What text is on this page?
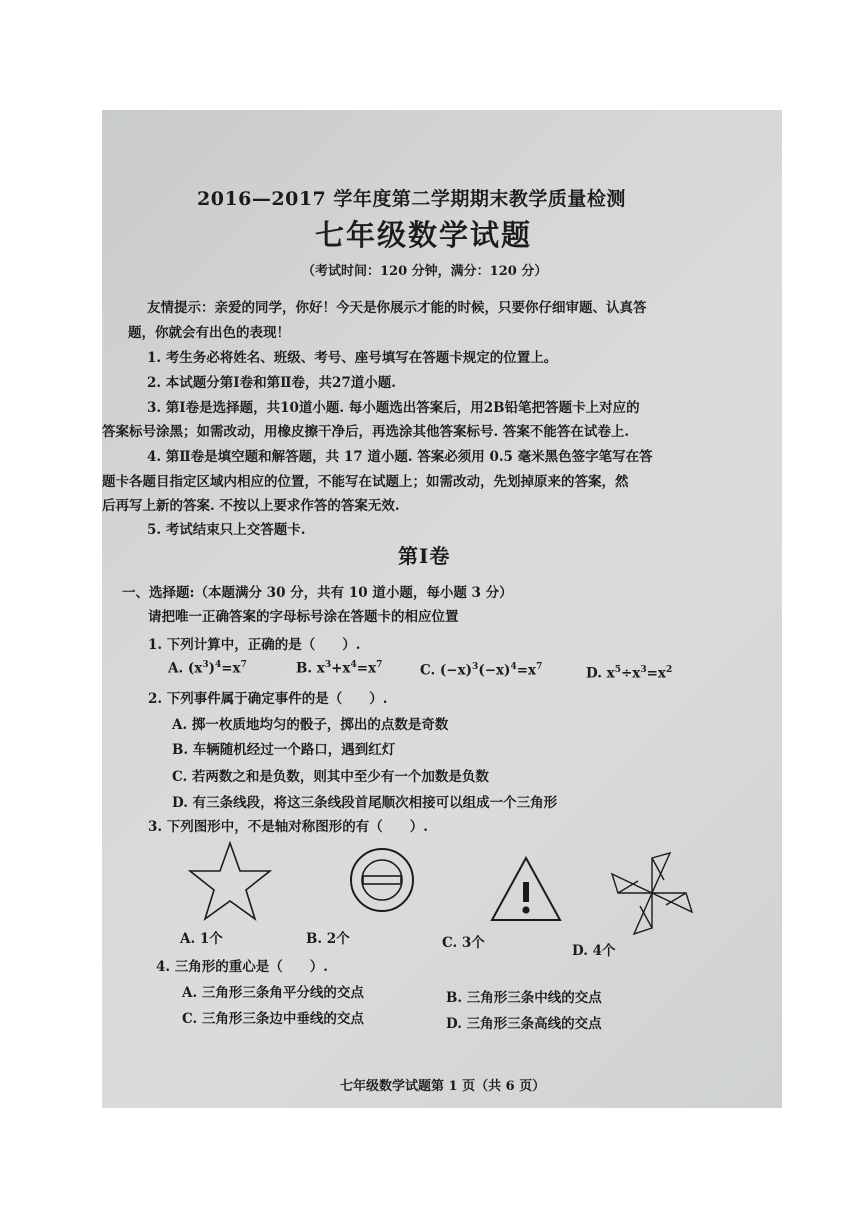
2016—2017 学年度第二学期期末教学质量检测
七年级数学试题
（考试时间：120 分钟，满分：120 分）
友情提示：亲爱的同学，你好！今天是你展示才能的时候，只要你仔细审题、认真答
题，你就会有出色的表现！
1. 考生务必将姓名、班级、考号、座号填写在答题卡规定的位置上。
2. 本试题分第Ⅰ卷和第Ⅱ卷，共27道小题.
3. 第Ⅰ卷是选择题，共10道小题. 每小题选出答案后，用2B铅笔把答题卡上对应的
答案标号涂黑；如需改动，用橡皮擦干净后，再选涂其他答案标号. 答案不能答在试卷上.
4. 第Ⅱ卷是填空题和解答题，共 17 道小题. 答案必须用 0.5 毫米黑色签字笔写在答
题卡各题目指定区域内相应的位置，不能写在试题上；如需改动，先划掉原来的答案，然
后再写上新的答案. 不按以上要求作答的答案无效.
5. 考试结束只上交答题卡.
第Ⅰ卷
一、选择题:（本题满分 30 分，共有 10 道小题，每小题 3 分）
请把唯一正确答案的字母标号涂在答题卡的相应位置
1. 下列计算中，正确的是（　　）.
A. $(x^3)^4=x^7$	B. $x^3+x^4=x^7$	C. $(-x)^3(-x)^4=x^7$	D. $x^5\div x^3=x^2$
2. 下列事件属于确定事件的是（　　）.
A. 掷一枚质地均匀的骰子，掷出的点数是奇数
B. 车辆随机经过一个路口，遇到红灯
C. 若两数之和是负数，则其中至少有一个加数是负数
D. 有三条线段，将这三条线段首尾顺次相接可以组成一个三角形
3. 下列图形中，不是轴对称图形的有（　　）.
A. 1个	B. 2个	C. 3个	D. 4个
4. 三角形的重心是（　　）.
A. 三角形三条角平分线的交点	B. 三角形三条中线的交点
C. 三角形三条边中垂线的交点	D. 三角形三条高线的交点
七年级数学试题第 1 页（共 6 页）
